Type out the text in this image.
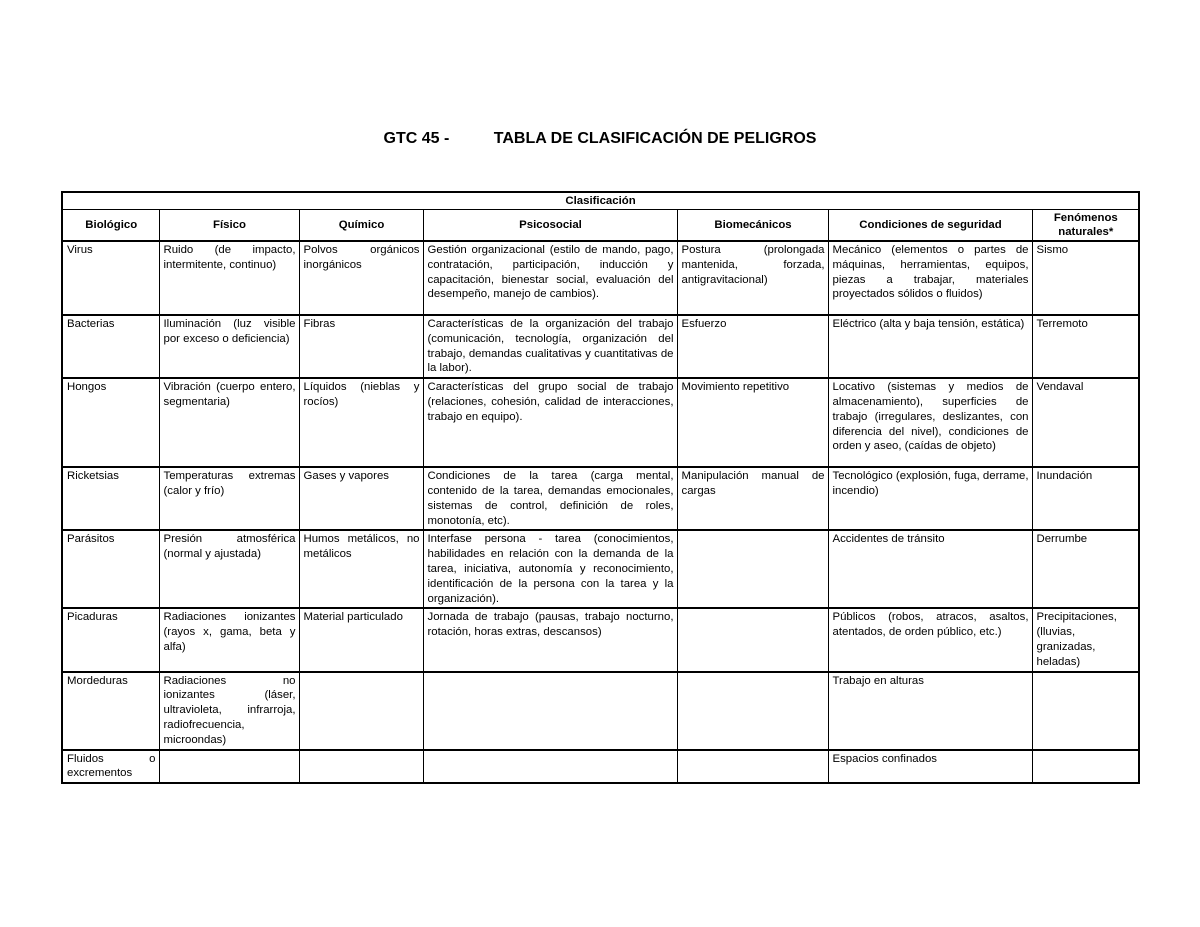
GTC 45 -	TABLA DE CLASIFICACIÓN DE PELIGROS
Clasificación						
Biológico	Físico	Químico	Psicosocial	Biomecánicos	Condiciones de seguridad	Fenómenos naturales*
Virus	Ruido (de impacto, intermitente, continuo)	Polvos orgánicos inorgánicos	Gestión organizacional (estilo de mando, pago, contratación, participación, inducción y capacitación, bienestar social, evaluación del desempeño, manejo de cambios).	Postura (prolongada mantenida, forzada, antigravitacional)	Mecánico (elementos o partes de máquinas, herramientas, equipos, piezas a trabajar, materiales proyectados sólidos o fluidos)	Sismo
Bacterias	Iluminación (luz visible por exceso o deficiencia)	Fibras	Características de la organización del trabajo (comunicación, tecnología, organización del trabajo, demandas cualitativas y cuantitativas de la labor).	Esfuerzo	Eléctrico (alta y baja tensión, estática)	Terremoto
Hongos	Vibración (cuerpo entero, segmentaria)	Líquidos (nieblas y rocíos)	Características del grupo social de trabajo (relaciones, cohesión, calidad de interacciones, trabajo en equipo).	Movimiento repetitivo	Locativo (sistemas y medios de almacenamiento), superficies de trabajo (irregulares, deslizantes, con diferencia del nivel), condiciones de orden y aseo, (caídas de objeto)	Vendaval
Ricketsias	Temperaturas extremas (calor y frío)	Gases y vapores	Condiciones de la tarea (carga mental, contenido de la tarea, demandas emocionales, sistemas de control, definición de roles, monotonía, etc).	Manipulación manual de cargas	Tecnológico (explosión, fuga, derrame, incendio)	Inundación
Parásitos	Presión atmosférica (normal y ajustada)	Humos metálicos, no metálicos	Interfase persona - tarea (conocimientos, habilidades en relación con la demanda de la tarea, iniciativa, autonomía y reconocimiento, identificación de la persona con la tarea y la organización).		Accidentes de tránsito	Derrumbe
Picaduras	Radiaciones ionizantes (rayos x, gama, beta y alfa)	Material particulado	Jornada de trabajo (pausas, trabajo nocturno, rotación, horas extras, descansos)		Públicos (robos, atracos, asaltos, atentados, de orden público, etc.)	Precipitaciones, (lluvias, granizadas, heladas)
Mordeduras	Radiaciones no ionizantes (láser, ultravioleta, infrarroja, radiofrecuencia, microondas)				Trabajo en alturas	
Fluidos o excrementos					Espacios confinados	
